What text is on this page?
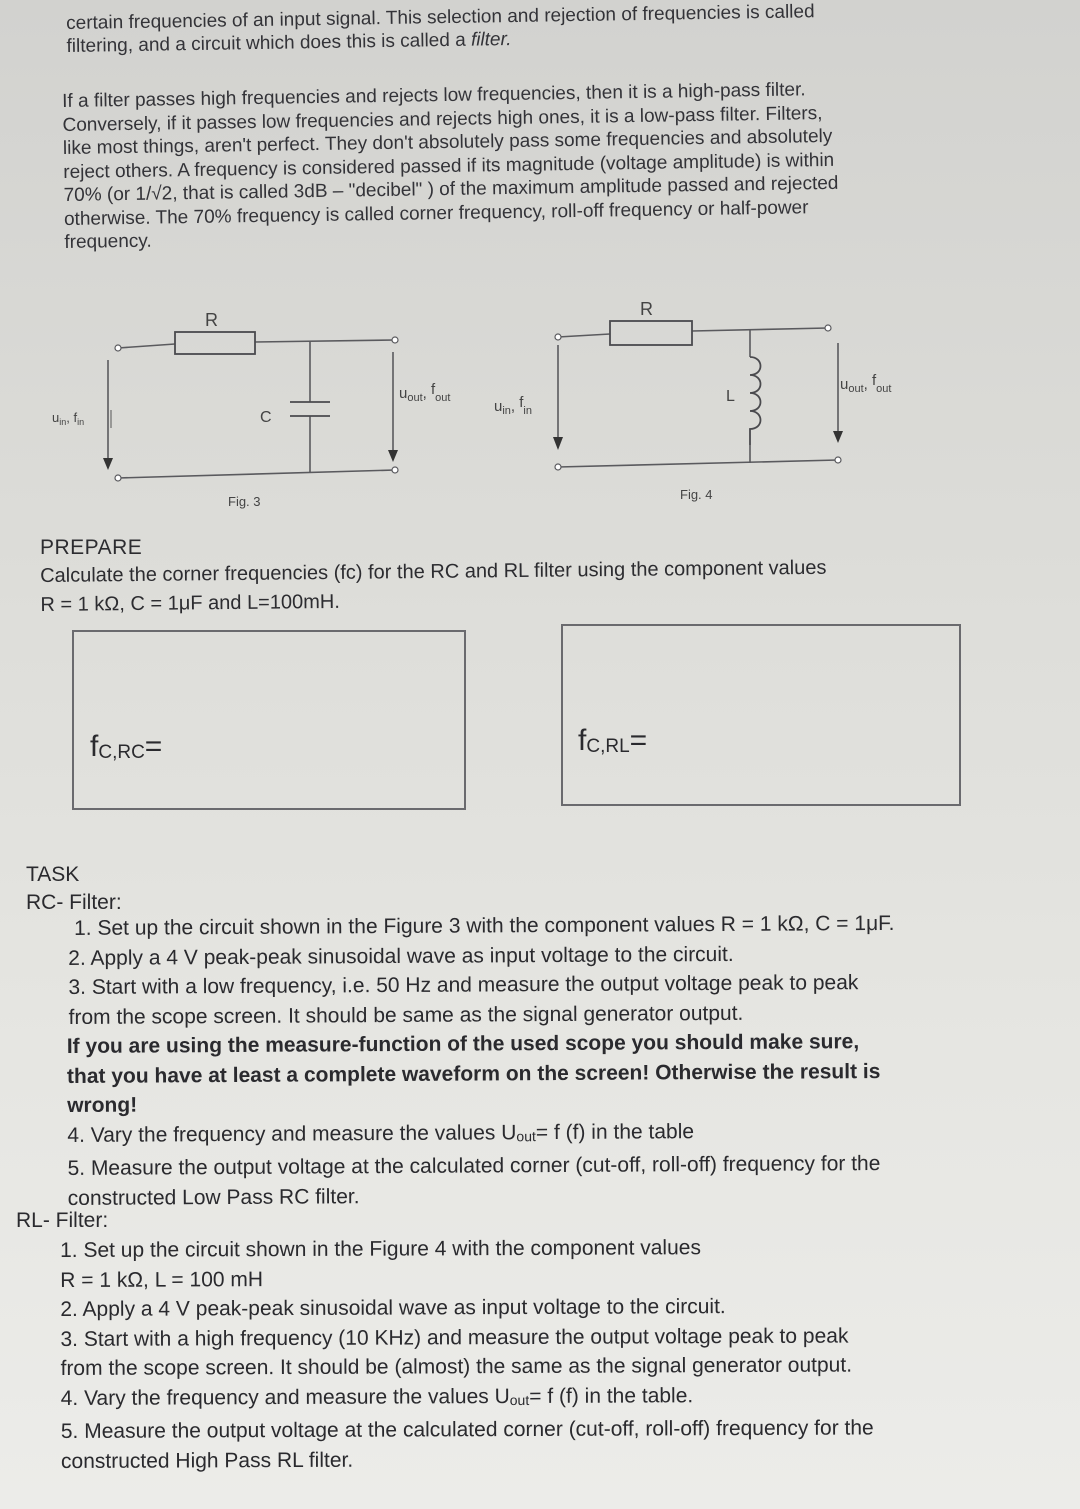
certain frequencies of an input signal. This selection and rejection of frequencies is called

filtering, and a circuit which does this is called a filter.

If a filter passes high frequencies and rejects low frequencies, then it is a high-pass filter.

Conversely, if it passes low frequencies and rejects high ones, it is a low-pass filter. Filters,

like most things, aren't perfect. They don't absolutely pass some frequencies and absolutely

reject others. A frequency is considered passed if its magnitude (voltage amplitude) is within

70% (or 1/√2, that is called 3dB – "decibel" ) of the maximum amplitude passed and rejected

otherwise. The 70% frequency is called corner frequency, roll-off frequency or half-power

frequency.

R
C
$u_{in}$, $f_{in}$
$u_{out}$, $f_{out}$
Fig. 3
R
L
$u_{in}$, $f_{in}$
$u_{out}$, $f_{out}$
Fig. 4
PREPARE

Calculate the corner frequencies (fc) for the RC and RL filter using the component values

R = 1 kΩ, C = 1μF and L=100mH.

$f_{C,RC}=$	$f_{C,RL}=$
TASK
RC- Filter:

1. Set up the circuit shown in the Figure 3 with the component values R = 1 kΩ, C = 1μF.

2. Apply a 4 V peak-peak sinusoidal wave as input voltage to the circuit.

3. Start with a low frequency, i.e. 50 Hz and measure the output voltage peak to peak

from the scope screen. It should be same as the signal generator output.

If you are using the measure-function of the used scope you should make sure,

that you have at least a complete waveform on the screen! Otherwise the result is

wrong!

4. Vary the frequency and measure the values $U_{out}= f$ (f) in the table

5. Measure the output voltage at the calculated corner (cut-off, roll-off) frequency for the

constructed Low Pass RC filter.

RL- Filter:

1. Set up the circuit shown in the Figure 4 with the component values

R = 1 kΩ, L = 100 mH

2. Apply a 4 V peak-peak sinusoidal wave as input voltage to the circuit.

3. Start with a high frequency (10 KHz) and measure the output voltage peak to peak

from the scope screen. It should be (almost) the same as the signal generator output.

4. Vary the frequency and measure the values $U_{out}= f$ (f) in the table.

5. Measure the output voltage at the calculated corner (cut-off, roll-off) frequency for the

constructed High Pass RL filter.
